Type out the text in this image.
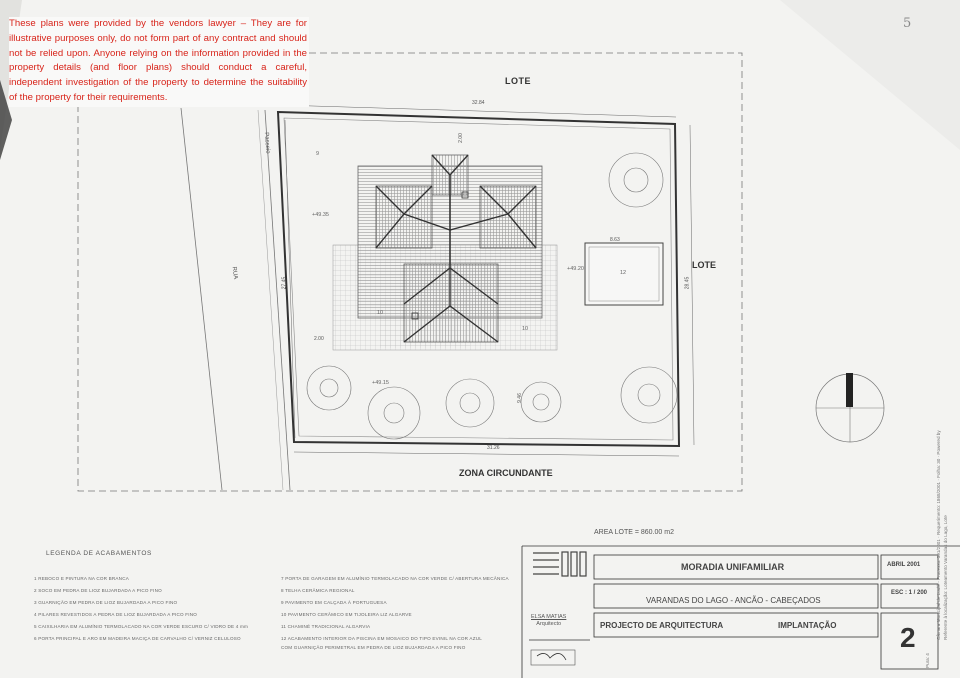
These plans were provided by the vendors lawyer – They are for illustrative purposes only, do not form part of any contract and should not be relied upon. Anyone relying on the information provided in the property details (and floor plans) should conduct a careful, independent investigation of the property to determine the suitability of the property for their requirements.
LOTE
LOTE
ZONA CIRCUNDANTE
RUA
Passeio
32.84
31.26
27.45	28.45
8.63
2.00
9.46
2.00
+49.35
+49.20
+49.15
9
10
10
12
LEGENDA DE ACABAMENTOS
1 REBOCO E PINTURA NA COR BRANCA
2 SOCO EM PEDRA DE LIOZ BUJARDADA A PICO FINO
3 GUARNIÇÃO EM PEDRA DE LIOZ BUJARDADA A PICO FINO
4 PILARES REVESTIDOS A PEDRA DE LIOZ BUJARDADA A PICO FINO
5 CAIXILHARIA EM ALUMÍNIO TERMOLACADO NA COR VERDE ESCURO C/ VIDRO DE 4 mm
6 PORTA PRINCIPAL E ARO EM MADEIRA MACIÇA DE CARVALHO C/ VERNIZ CELULOSO
7 PORTA DE GARAGEM EM ALUMÍNIO TERMOLACADO NA COR VERDE C/ ABERTURA MECÂNICA
8 TELHA CERÂMICA REGIONAL
9 PAVIMENTO EM CALÇADA À PORTUGUESA
10 PAVIMENTO CERÂMICO EM TIJOLEIRA LIZ ALGARVE
11 CHAMINÉ TRADICIONAL ALGARVIA
12 ACABAMENTO INTERIOR DA PISCINA EM MOSAICO DO TIPO EVINIL NA COR AZUL
COM GUARNIÇÃO PERIMETRAL EM PEDRA DE LIOZ BUJARDADA A PICO FINO
AREA LOTE = 860.00 m2
MORADIA UNIFAMILIAR	ABRIL 2001
VARANDAS DO LAGO - ANCÃO - CABEÇADOS
ESC : 1 / 200
PROJECTO DE ARQUITECTURA	IMPLANTAÇÃO 2
ELSA MATIAS
Arquitecto	Câmara Municipal de Loulé - Processo: 391/2001 · Requerimento: 1868/2001 · Folha: 30 · Powered by Referente à localização: Loteamento Varandas do Lago, Lote
Pura: 4
5
